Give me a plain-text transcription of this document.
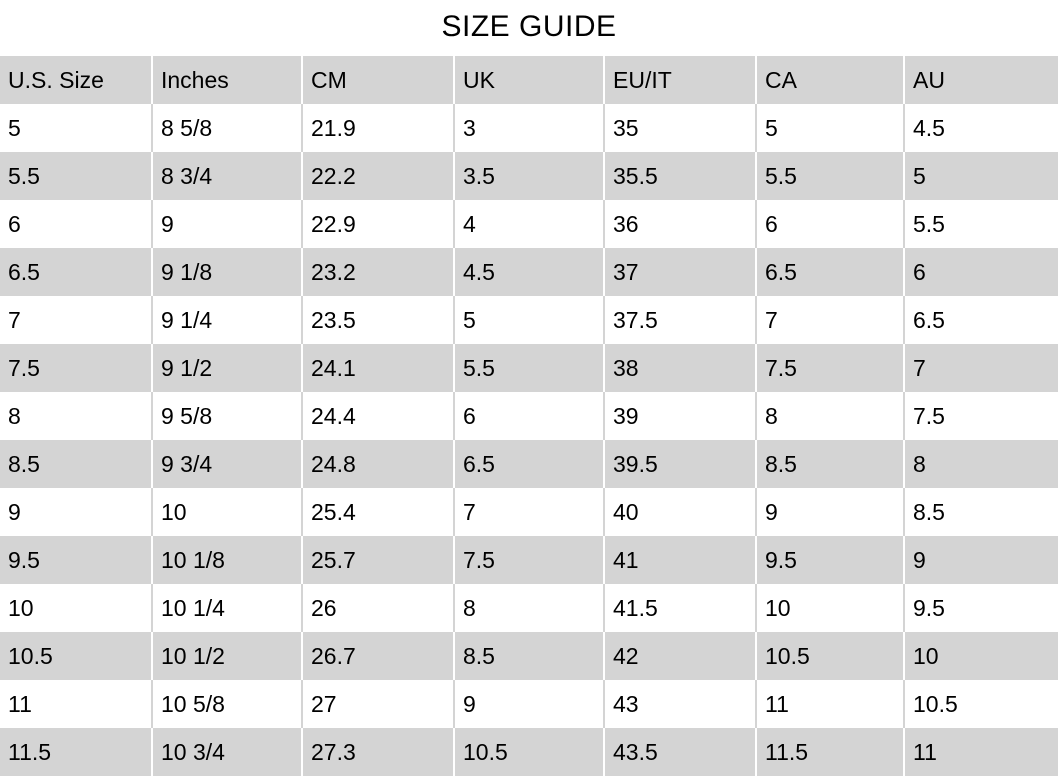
SIZE GUIDE
U.S. Size	Inches	CM	UK	EU/IT	CA	AU
5	8 5/8	21.9	3	35	5	4.5
5.5	8 3/4	22.2	3.5	35.5	5.5	5
6	9	22.9	4	36	6	5.5
6.5	9 1/8	23.2	4.5	37	6.5	6
7	9 1/4	23.5	5	37.5	7	6.5
7.5	9 1/2	24.1	5.5	38	7.5	7
8	9 5/8	24.4	6	39	8	7.5
8.5	9 3/4	24.8	6.5	39.5	8.5	8
9	10	25.4	7	40	9	8.5
9.5	10 1/8	25.7	7.5	41	9.5	9
10	10 1/4	26	8	41.5	10	9.5
10.5	10 1/2	26.7	8.5	42	10.5	10
11	10 5/8	27	9	43	11	10.5
11.5	10 3/4	27.3	10.5	43.5	11.5	11
